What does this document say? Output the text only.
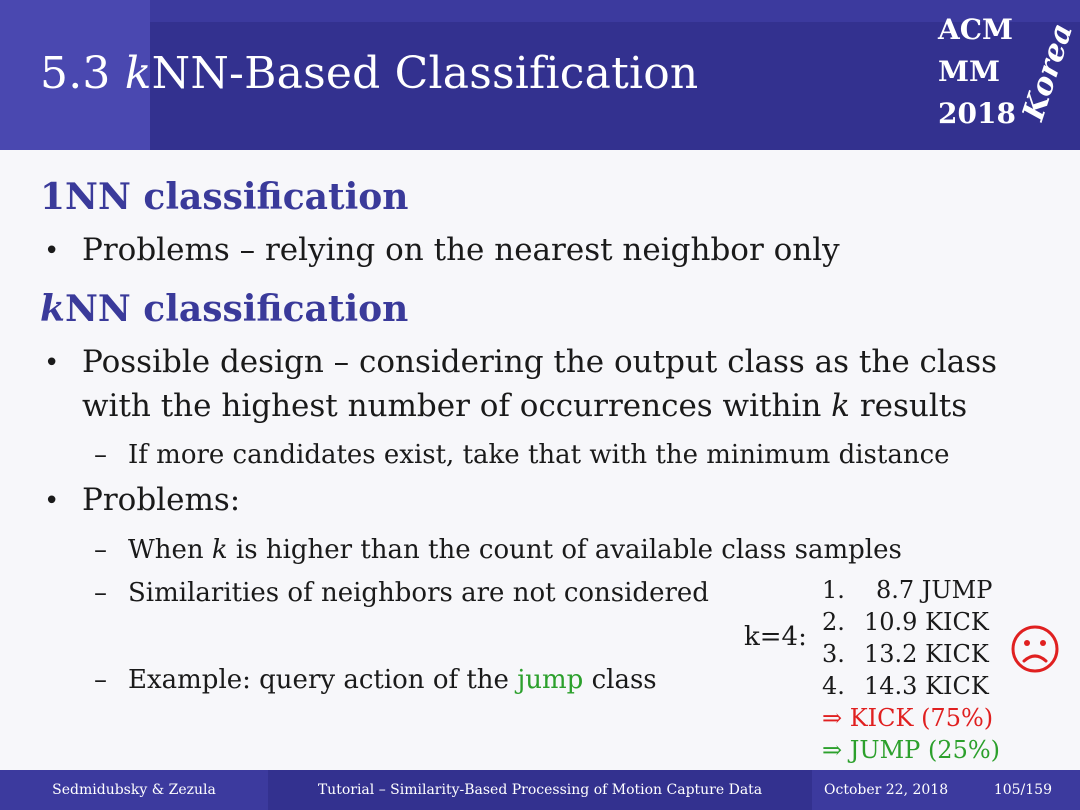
5.3 kNN-Based Classification
ACM
MM
2018 Korea
1NN classification
• Problems – relying on the nearest neighbor only
kNN classification
• Possible design – considering the output class as the class
with the highest number of occurrences within k results
– If more candidates exist, take that with the minimum distance
• Problems:
– When k is higher than the count of available class samples
– Similarities of neighbors are not considered
– Example: query action of the jump class
k=4:
1. 8.7 JUMP
2. 10.9 KICK
3. 13.2 KICK
4. 14.3 KICK
⇒ KICK (75%)
⇒ JUMP (25%)
Sedmidubsky & Zezula	Tutorial – Similarity-Based Processing of Motion Capture Data	October 22, 2018	105/159
